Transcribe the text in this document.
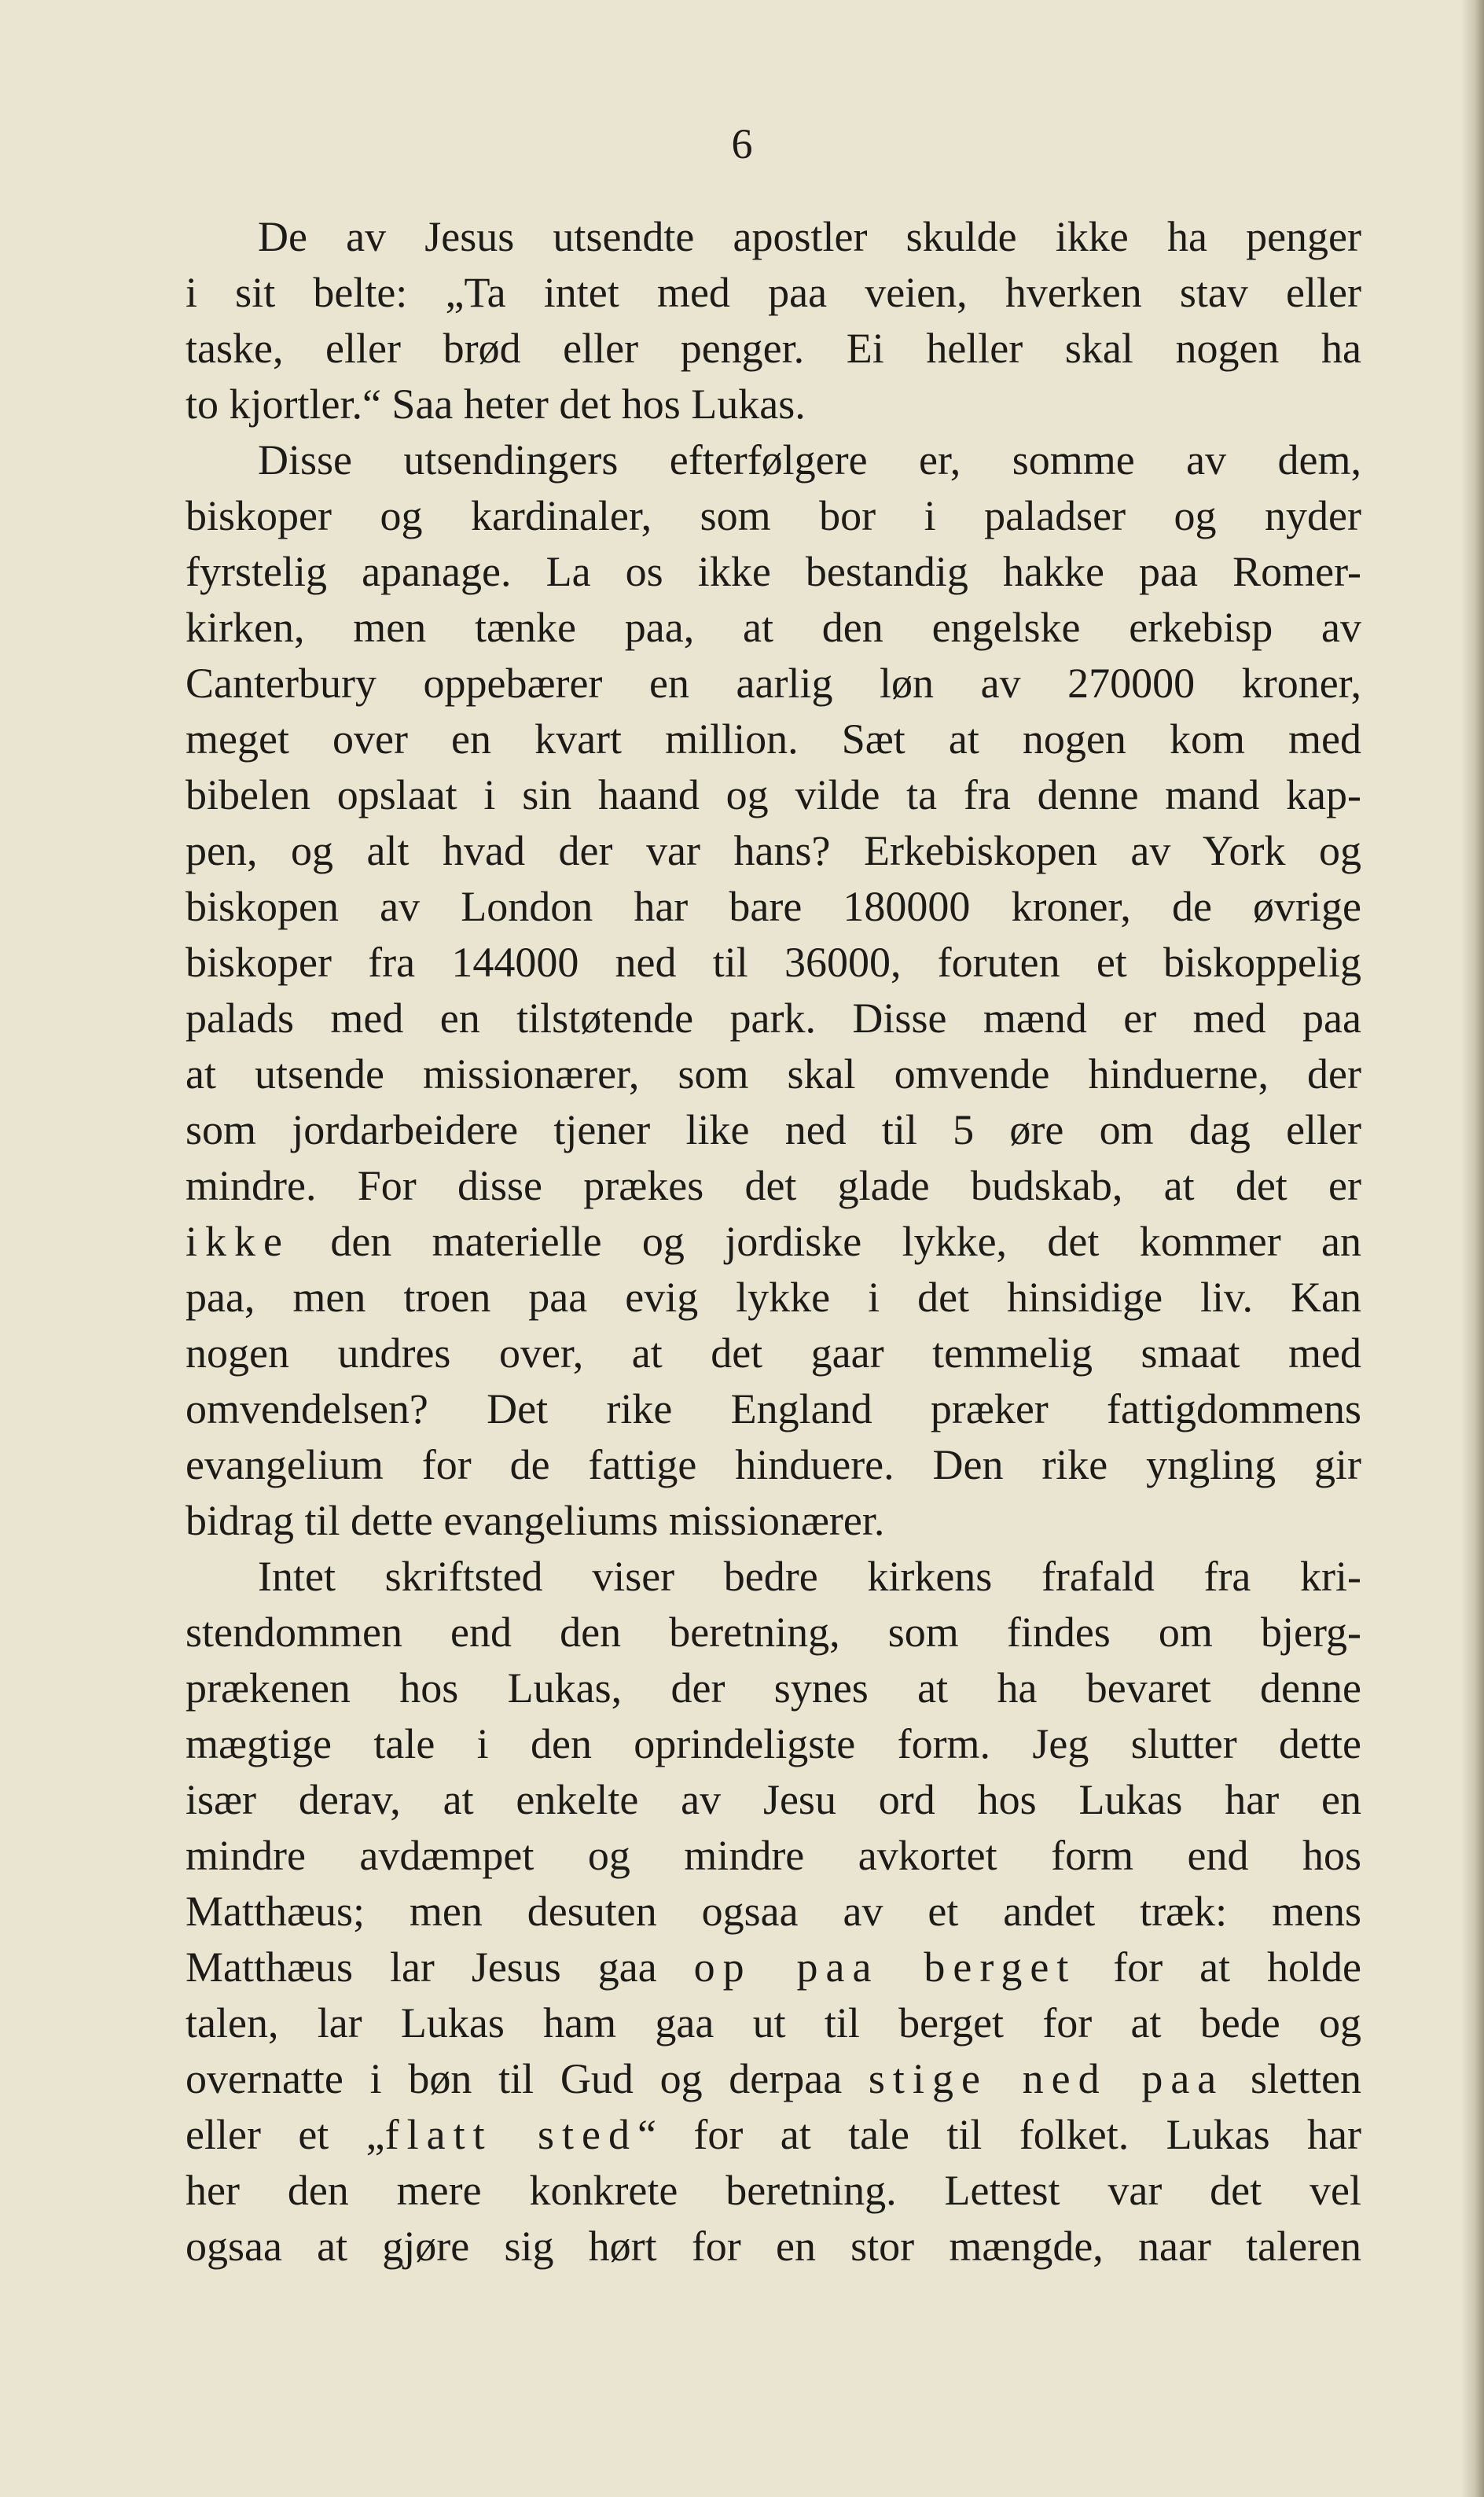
6
De av Jesus utsendte apostler skulde ikke ha penger
i sit belte: „Ta intet med paa veien, hverken stav eller
taske, eller brød eller penger. Ei heller skal nogen ha
to kjortler.“ Saa heter det hos Lukas.
Disse utsendingers efterfølgere er, somme av dem,
biskoper og kardinaler, som bor i paladser og nyder
fyrstelig apanage. La os ikke bestandig hakke paa Romer-
kirken, men tænke paa, at den engelske erkebisp av
Canterbury oppebærer en aarlig løn av 270000 kroner,
meget over en kvart million. Sæt at nogen kom med
bibelen opslaat i sin haand og vilde ta fra denne mand kap-
pen, og alt hvad der var hans? Erkebiskopen av York og
biskopen av London har bare 180000 kroner, de øvrige
biskoper fra 144000 ned til 36000, foruten et biskoppelig
palads med en tilstøtende park. Disse mænd er med paa
at utsende missionærer, som skal omvende hinduerne, der
som jordarbeidere tjener like ned til 5 øre om dag eller
mindre. For disse prækes det glade budskab, at det er
ikke den materielle og jordiske lykke, det kommer an
paa, men troen paa evig lykke i det hinsidige liv. Kan
nogen undres over, at det gaar temmelig smaat med
omvendelsen? Det rike England præker fattigdommens
evangelium for de fattige hinduere. Den rike yngling gir
bidrag til dette evangeliums missionærer.
Intet skriftsted viser bedre kirkens frafald fra kri-
stendommen end den beretning, som findes om bjerg-
prækenen hos Lukas, der synes at ha bevaret denne
mægtige tale i den oprindeligste form. Jeg slutter dette
især derav, at enkelte av Jesu ord hos Lukas har en
mindre avdæmpet og mindre avkortet form end hos
Matthæus; men desuten ogsaa av et andet træk: mens
Matthæus lar Jesus gaa op paa berget for at holde
talen, lar Lukas ham gaa ut til berget for at bede og
overnatte i bøn til Gud og derpaa stige ned paa sletten
eller et „flatt sted“ for at tale til folket. Lukas har
her den mere konkrete beretning. Lettest var det vel
ogsaa at gjøre sig hørt for en stor mængde, naar taleren
